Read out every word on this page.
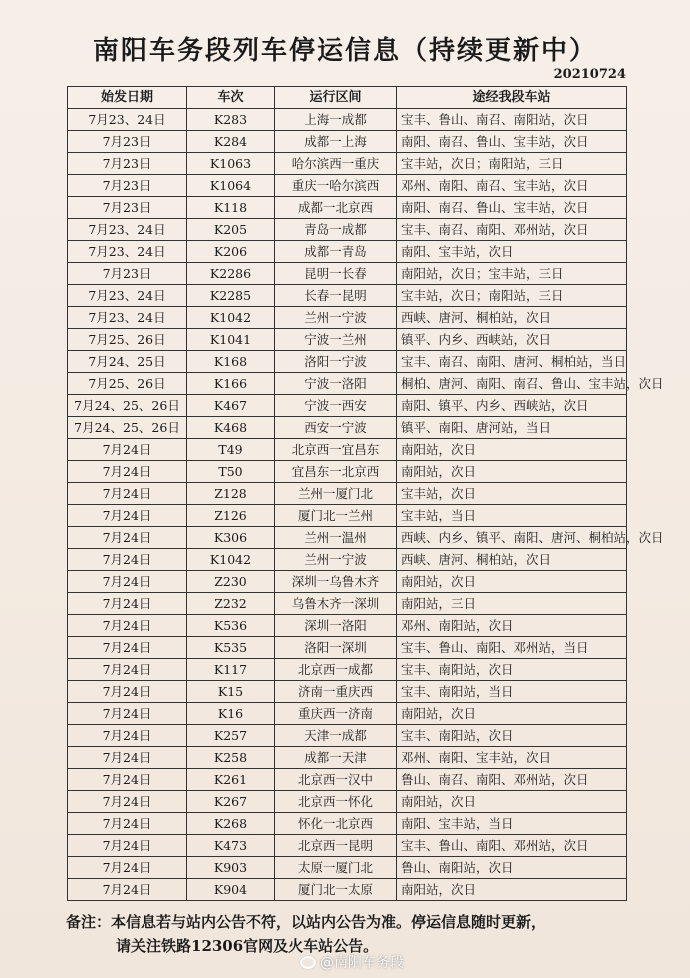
南阳车务段列车停运信息（持续更新中）
20210724
始发日期	车次	运行区间	途经我段车站
7月23、24日	K283	上海一成都	宝丰、鲁山、南召、南阳站，次日
7月23日	K284	成都一上海	南阳、南召、鲁山、宝丰站，次日
7月23日	K1063	哈尔滨西一重庆	宝丰站，次日；南阳站，三日
7月23日	K1064	重庆一哈尔滨西	邓州、南阳、南召、宝丰站，次日
7月23日	K118	成都一北京西	南阳、南召、鲁山、宝丰站，次日
7月23、24日	K205	青岛一成都	宝丰、南召、南阳、邓州站，次日
7月23、24日	K206	成都一青岛	南阳、宝丰站，次日
7月23日	K2286	昆明一长春	南阳站，次日；宝丰站，三日
7月23、24日	K2285	长春一昆明	宝丰站，次日；南阳站，三日
7月23、24日	K1042	兰州一宁波	西峡、唐河、桐柏站，次日
7月25、26日	K1041	宁波一兰州	镇平、内乡、西峡站，次日
7月24、25日	K168	洛阳一宁波	宝丰、南召、南阳、唐河、桐柏站，当日
7月25、26日	K166	宁波一洛阳	桐柏、唐河、南阳、南召、鲁山、宝丰站，次日
7月24、25、26日	K467	宁波一西安	南阳、镇平、内乡、西峡站，次日
7月24、25、26日	K468	西安一宁波	镇平、南阳、唐河站，当日
7月24日	T49	北京西一宜昌东	南阳站，次日
7月24日	T50	宜昌东一北京西	南阳站，次日
7月24日	Z128	兰州一厦门北	宝丰站，次日
7月24日	Z126	厦门北一兰州	宝丰站，当日
7月24日	K306	兰州一温州	西峡、内乡、镇平、南阳、唐河、桐柏站，次日
7月24日	K1042	兰州一宁波	西峡、唐河、桐柏站，次日
7月24日	Z230	深圳一乌鲁木齐	南阳站，次日
7月24日	Z232	乌鲁木齐一深圳	南阳站，三日
7月24日	K536	深圳一洛阳	邓州、南阳站，次日
7月24日	K535	洛阳一深圳	宝丰、鲁山、南阳、邓州站，当日
7月24日	K117	北京西一成都	宝丰、南阳站，次日
7月24日	K15	济南一重庆西	宝丰、南阳站，当日
7月24日	K16	重庆西一济南	南阳站，次日
7月24日	K257	天津一成都	宝丰、南阳站，次日
7月24日	K258	成都一天津	邓州、南阳、宝丰站，次日
7月24日	K261	北京西一汉中	鲁山、南召、南阳、邓州站，次日
7月24日	K267	北京西一怀化	南阳站，次日
7月24日	K268	怀化一北京西	南阳、宝丰站，当日
7月24日	K473	北京西一昆明	宝丰、鲁山、南阳、邓州站，次日
7月24日	K903	太原一厦门北	鲁山、南阳站，次日
7月24日	K904	厦门北一太原	南阳站，次日
备注：本信息若与站内公告不符，以站内公告为准。停运信息随时更新，
请关注铁路12306官网及火车站公告。
@南阳车务段
